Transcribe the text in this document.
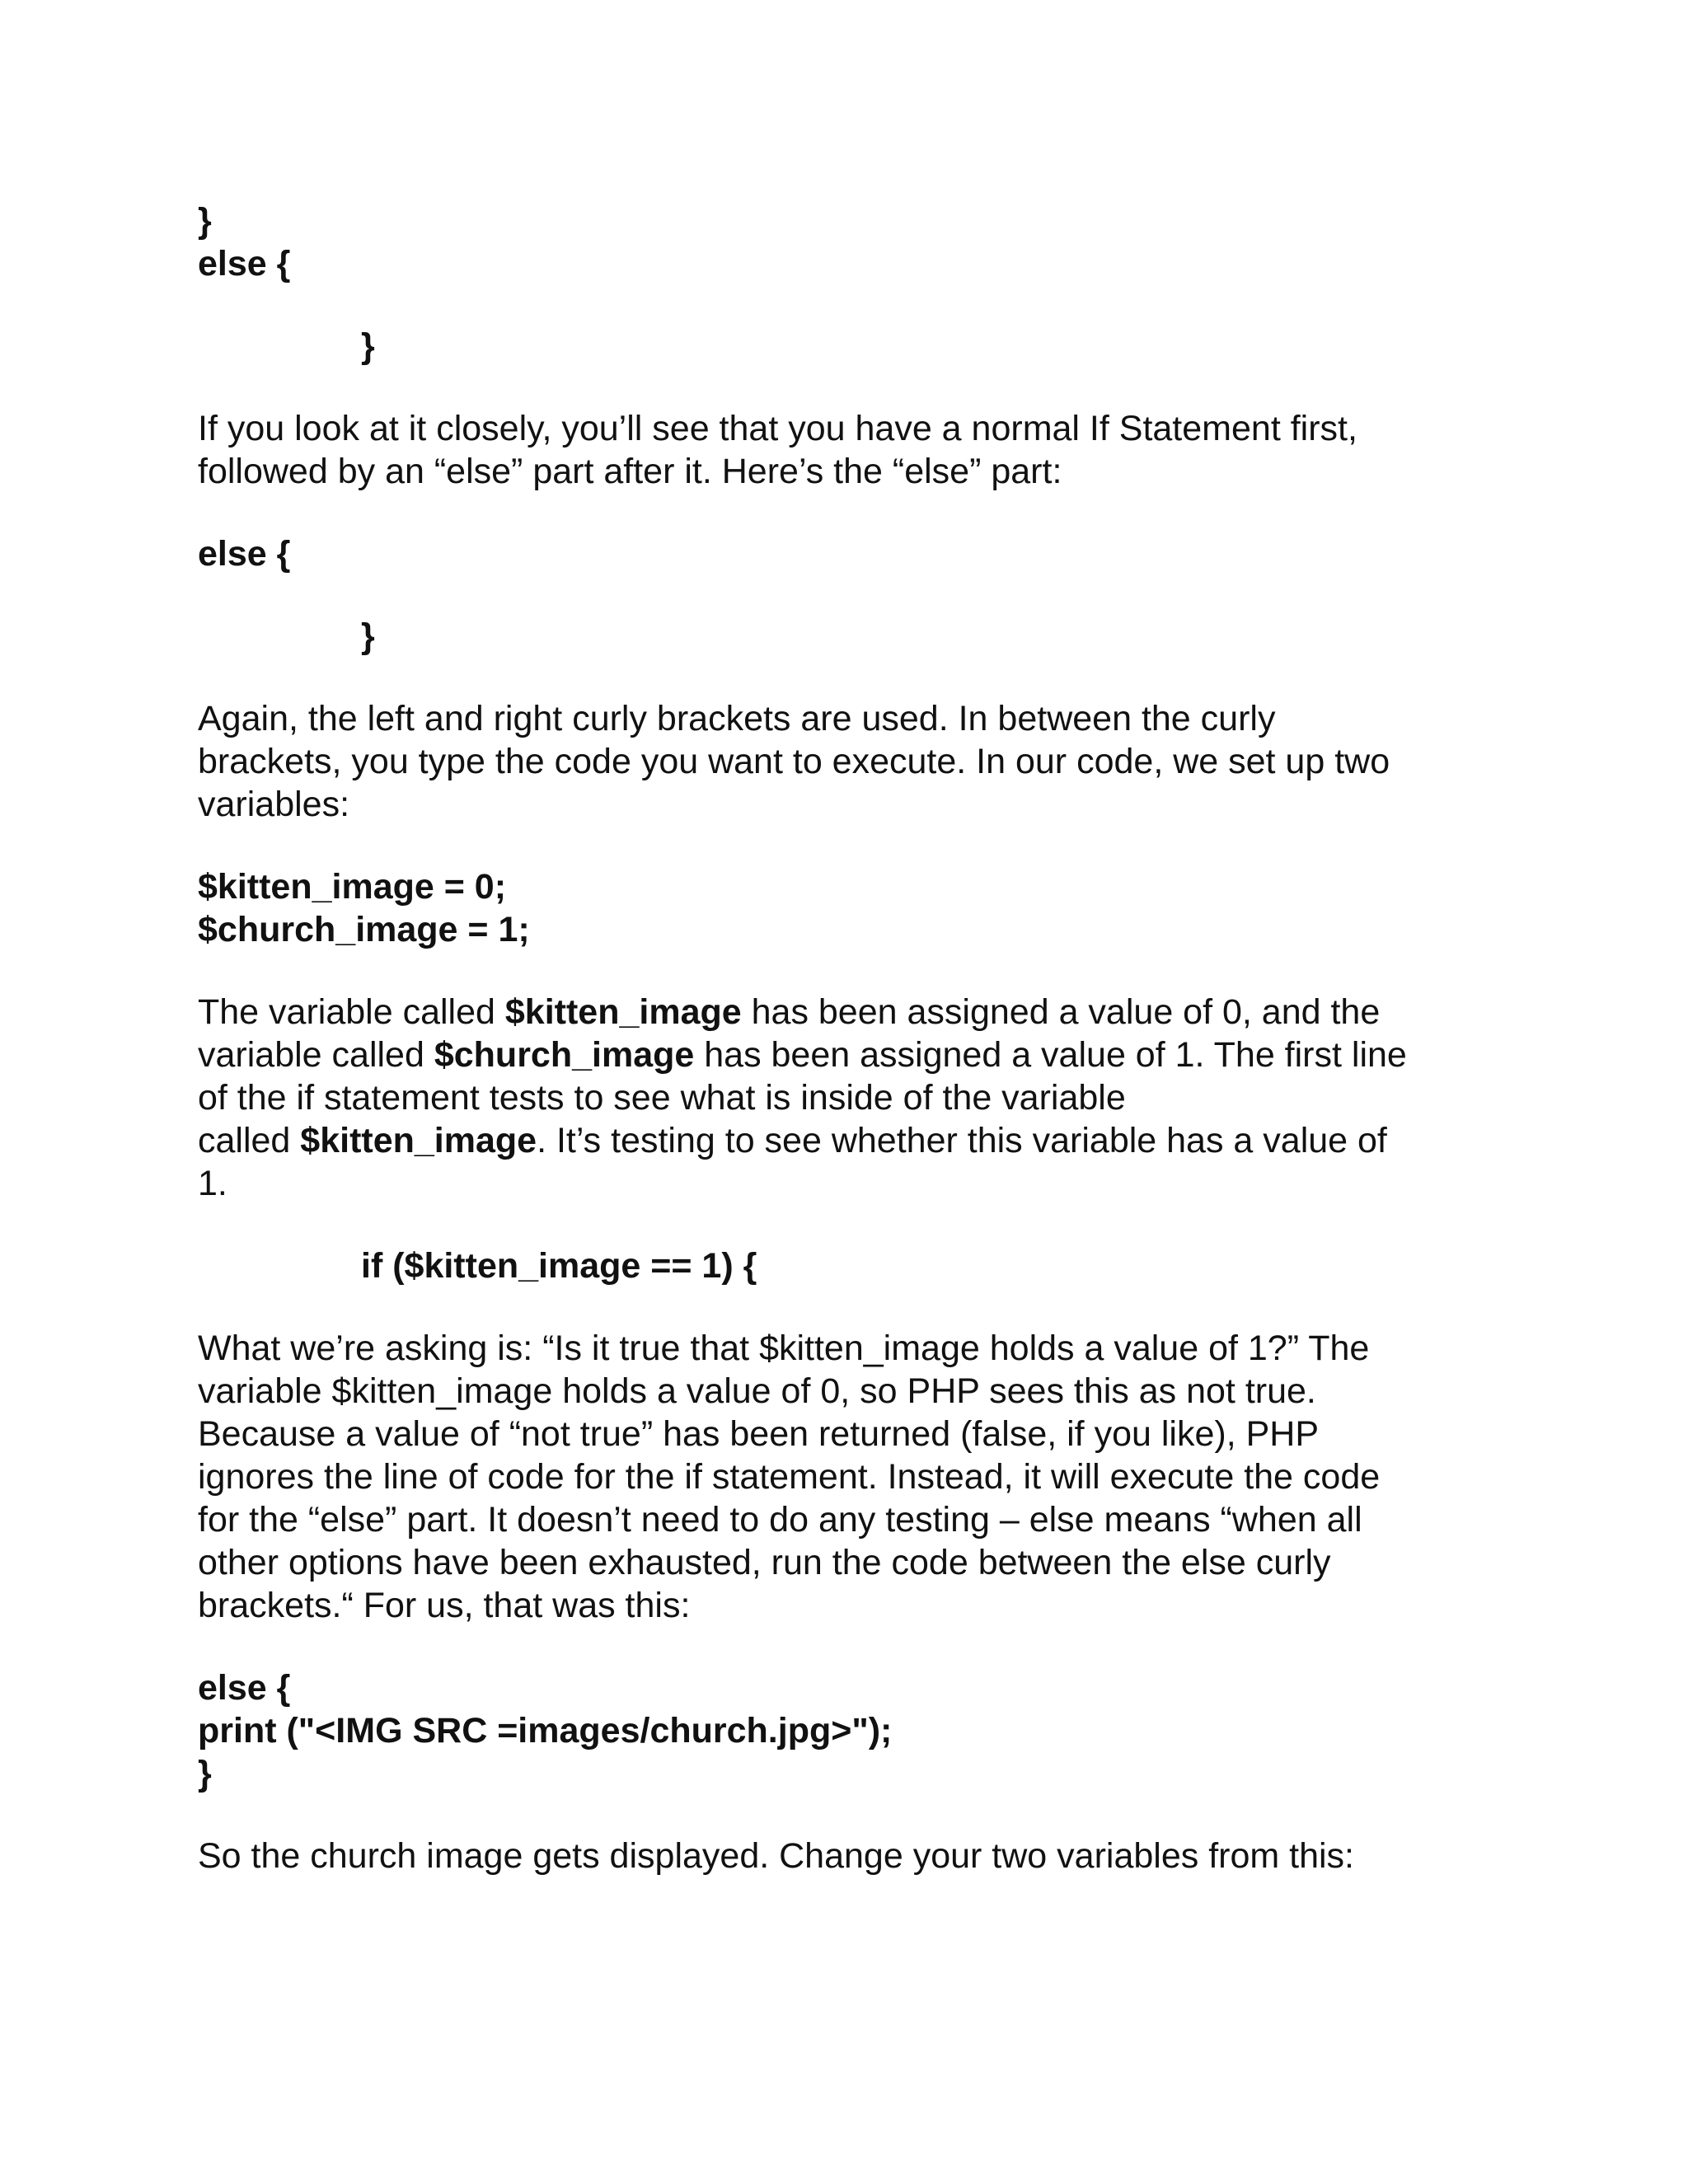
}

else {

}

If you look at it closely, you’ll see that you have a normal If Statement first,

followed by an “else” part after it. Here’s the “else” part:

else {

}

Again, the left and right curly brackets are used. In between the curly

brackets, you type the code you want to execute. In our code, we set up two

variables:

$kitten_image = 0;

$church_image = 1;

The variable called $kitten_image has been assigned a value of 0, and the

variable called $church_image has been assigned a value of 1. The first line

of the if statement tests to see what is inside of the variable

called $kitten_image. It’s testing to see whether this variable has a value of

1.

if ($kitten_image == 1) {

What we’re asking is: “Is it true that $kitten_image holds a value of 1?” The

variable $kitten_image holds a value of 0, so PHP sees this as not true.

Because a value of “not true” has been returned (false, if you like), PHP

ignores the line of code for the if statement. Instead, it will execute the code

for the “else” part. It doesn’t need to do any testing – else means “when all

other options have been exhausted, run the code between the else curly

brackets.“ For us, that was this:

else {

print ("<IMG SRC =images/church.jpg>");

}

So the church image gets displayed. Change your two variables from this:
